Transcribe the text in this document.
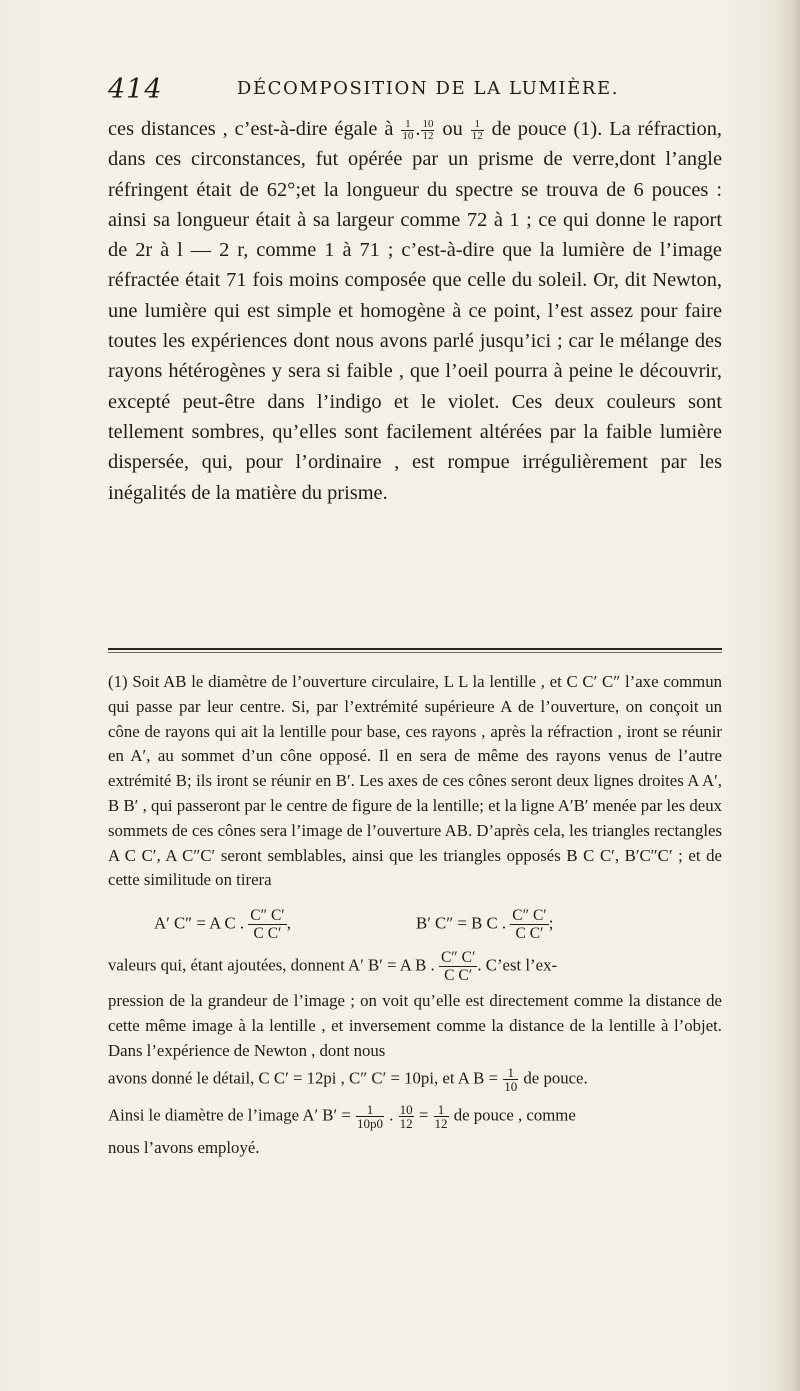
414	DÉCOMPOSITION DE LA LUMIÈRE.

ces distances , c’est-à-dire égale à $\frac{1}{10}$ . $\frac{10}{12}$ ou $\frac{1}{12}$ de pouce (1). La réfraction, dans ces circonstances, fut opérée par un prisme de verre,dont l’angle réfringent était de 62°;et la longueur du spectre se trouva de 6 pouces : ainsi sa longueur était à sa largeur comme 72 à 1 ; ce qui donne le raport de 2r à l — 2 r, comme 1 à 71 ; c’est-à-dire que la lumière de l’image réfractée était 71 fois moins composée que celle du soleil. Or, dit Newton, une lumière qui est simple et homogène à ce point, l’est assez pour faire toutes les expériences dont nous avons parlé jusqu’ici ; car le mélange des rayons hétérogènes y sera si faible , que l’oeil pourra à peine le découvrir, excepté peut-être dans l’indigo et le violet. Ces deux couleurs sont tellement sombres, qu’elles sont facilement altérées par la faible lumière dispersée, qui, pour l’ordinaire , est rompue irrégulièrement par les inégalités de la matière du prisme.

(1) Soit AB le diamètre de l’ouverture circulaire, L L la lentille , et C C′ C″ l’axe commun qui passe par leur centre. Si, par l’extrémité supérieure A de l’ouverture, on conçoit un cône de rayons qui ait la lentille pour base, ces rayons , après la réfraction , iront se réunir en A′, au sommet d’un cône opposé. Il en sera de même des rayons venus de l’autre extrémité B; ils iront se réunir en B′. Les axes de ces cônes seront deux lignes droites A A′, B B′ , qui passeront par le centre de figure de la lentille; et la ligne A′B′ menée par les deux sommets de ces cônes sera l’image de l’ouverture AB. D’après cela, les triangles rectangles A C C′, A C″C′ seront semblables, ainsi que les triangles opposés B C C′, B′C″C′ ; et de cette similitude on tirera

A′ C″ = A C . $\frac{C'' C'}{\text{C C′}}$ ,	B′ C″ = B C . $\frac{C'' C'}{\text{C C′}}$ ;
valeurs qui, étant ajoutées, donnent A′ B′ = A B . $\frac{C'' C'}{\text{C C′}}$ . C’est l’ex-

pression de la grandeur de l’image ; on voit qu’elle est directement comme la distance de cette même image à la lentille , et inversement comme la distance de la lentille à l’objet. Dans l’expérience de Newton , dont nous

avons donné le détail, C C′ = 12pi , C″ C′ = 10pi, et A $B = \frac{1}{10}$ de pouce.
Ainsi le diamètre de l’image A′ $B' = \frac{1}{10p0}$ . $\frac{10}{12} = \frac{1}{12}$ de pouce , comme
nous l’avons employé.
